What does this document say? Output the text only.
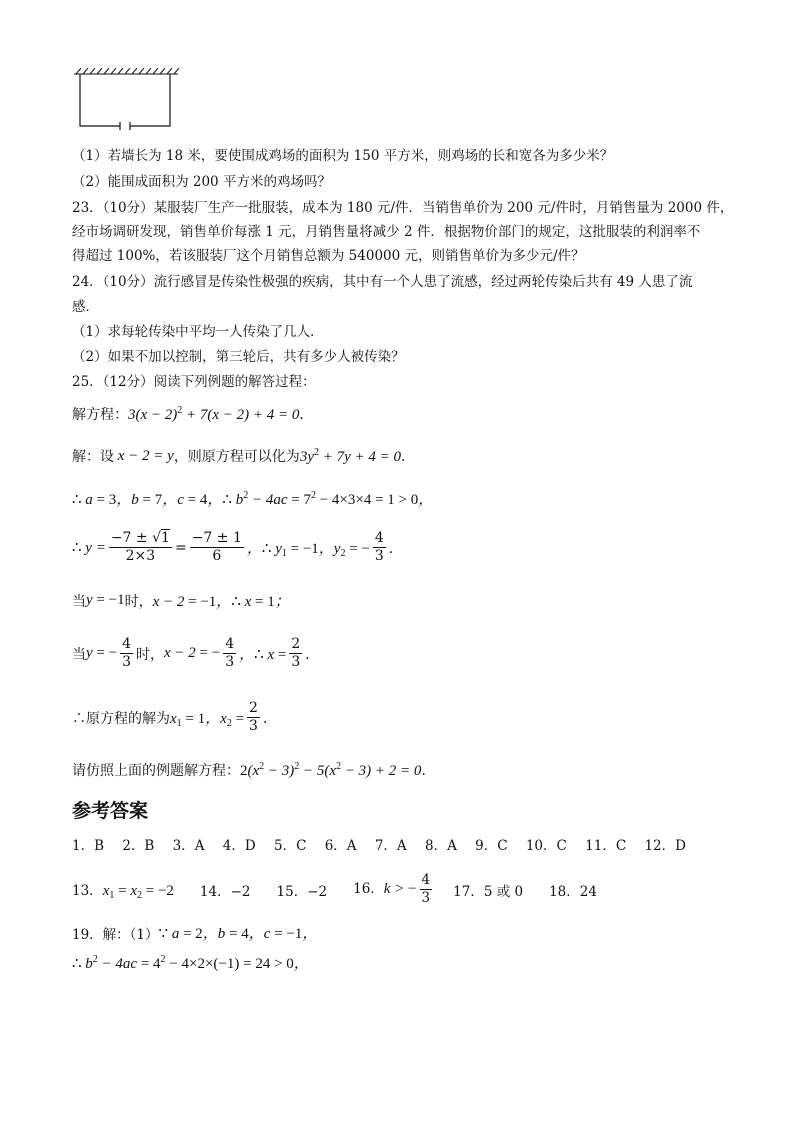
（1）若墙长为 18 米，要使围成鸡场的面积为 150 平方米，则鸡场的长和宽各为多少米？
（2）能围成面积为 200 平方米的鸡场吗？
23．（10分）某服装厂生产一批服装，成本为 180 元/件．当销售单价为 200 元/件时，月销售量为 2000 件，
经市场调研发现，销售单价每涨 1 元，月销售量将减少 2 件．根据物价部门的规定，这批服装的利润率不
得超过 100%，若该服装厂这个月销售总额为 540000 元，则销售单价为多少元/件？
24．（10分）流行感冒是传染性极强的疾病，其中有一个人患了流感，经过两轮传染后共有 49 人患了流
感．
（1）求每轮传染中平均一人传染了几人．
（2）如果不加以控制，第三轮后，共有多少人被传染？
25．（12分）阅读下列例题的解答过程：
解方程： $3(x - 2)^2 + 7(x - 2) + 4 = 0$ ．
解：设 x − 2 = y ，则原方程可以化为 $3y^2 + 7y + 4 = 0$ ．
∴ a = 3，b = 7，c = 4，∴ $b^2 - 4ac = 7^2 - 4\times 3\times 4 = 1 > 0$，
∴ $y = \frac{-7 \pm √1}{2\times 3} = \frac{-7 \pm 1}{6}$ ，∴ $y_1 = -1$，$y_2$ = − $\frac{4}{3}$ ．
当 y = −1 时， x − 2 = −1，∴ x = 1；
当 y = − $\frac{4}{3}$ 时， x − 2 = − $\frac{4}{3}$ ，∴ $x = \frac{2}{3}$ ．
∴原方程的解为 $x_1 = 1$，$x_2 = \frac{2}{3}$ ．
请仿照上面的例题解方程： $2(x^2 - 3)^2 - 5(x^2 - 3) + 2 = 0$ ．
参考答案
1．B 2．B 3．A 4．D 5．C 6．A 7．A 8．A 9．C 10．C 11．C 12．D
13．$x_1 = x_2 = -2$ 14．−2 15．−2 16．k > − $\frac{4}{3} 17$．5 或 0 18．24
19．解：（1） ∵ a = 2，b = 4，c = −1，
∴ $b^2 - 4ac = 4^2 - 4\times 2\times(-1) = 24 > 0$，
